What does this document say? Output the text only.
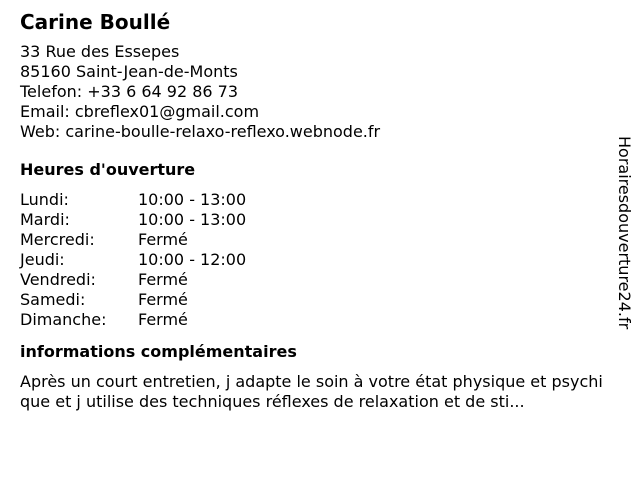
Carine Boullé
33 Rue des Essepes
85160 Saint-Jean-de-Monts
Telefon: +33 6 64 92 86 73
Email: cbreflex01@gmail.com
Web: carine-boulle-relaxo-reflexo.webnode.fr
Heures d'ouverture
Lundi:	10:00 - 13:00
Mardi:	10:00 - 13:00
Mercredi:	Fermé
Jeudi:	10:00 - 12:00
Vendredi:	Fermé
Samedi:	Fermé
Dimanche: Fermé
informations complémentaires
Après un court entretien, j adapte le soin à votre état physique et psychique et j utilise des techniques réflexes de relaxation et de sti...
Horairesdouverture24.fr
